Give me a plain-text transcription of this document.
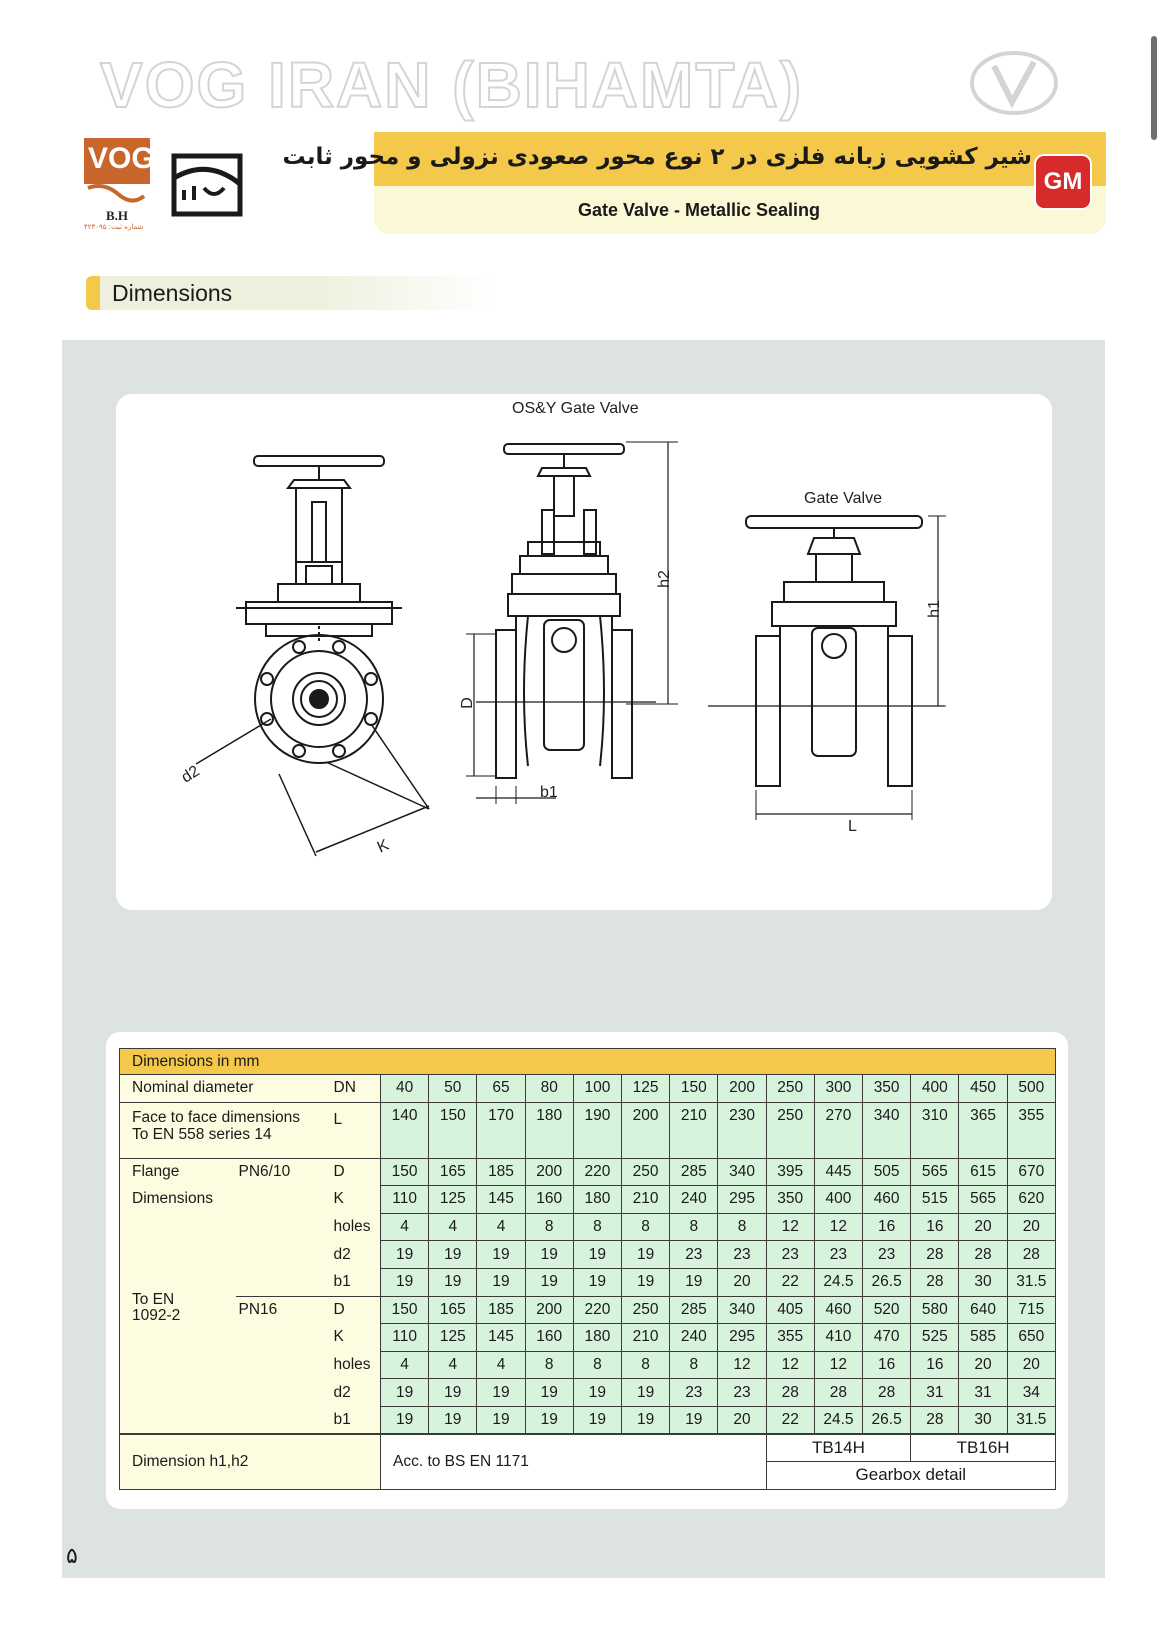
VOG IRAN (BIHAMTA)
VOG
B.H
شماره ثبت: ۴۲۳۰۹۵
شیر کشویی زبانه فلزی در ۲ نوع محور صعودی نزولی و محور ثابت
Gate Valve - Metallic Sealing
GM
Dimensions
OS&Y Gate Valve
Gate Valve
d2
K
D
b1
h2
h1
L
Dimensions in mm																
Nominal diameter		DN	40	50	65	80	100	125	150	200	250	300	350	400	450	500

Face to face dimensions
To EN 558 series 14		L	140	150	170	180	190	200	210	230	250	270	340	310	365	355
Flange	PN6/10	D	150	165	185	200	220	250	285	340	395	445	505	565	615	670
Dimensions		K	110	125	145	160	180	210	240	295	350	400	460	515	565	620
		holes	4	4	4	8	8	8	8	8	12	12	16	16	20	20
		d2	19	19	19	19	19	19	23	23	23	23	23	28	28	28

To EN
1092-2		b1	19	19	19	19	19	19	19	20	22	24.5	26.5	28	30	31.5
	PN16	D	150	165	185	200	220	250	285	340	405	460	520	580	640	715
		K	110	125	145	160	180	210	240	295	355	410	470	525	585	650
		holes	4	4	4	8	8	8	8	12	12	12	16	16	20	20
		d2	19	19	19	19	19	19	23	23	28	28	28	31	31	34
		b1	19	19	19	19	19	19	19	20	22	24.5	26.5	28	30	31.5
Dimension h1,h2			Acc. to BS EN 1171								TB14H			TB16H		
											Gearbox detail					
۵
